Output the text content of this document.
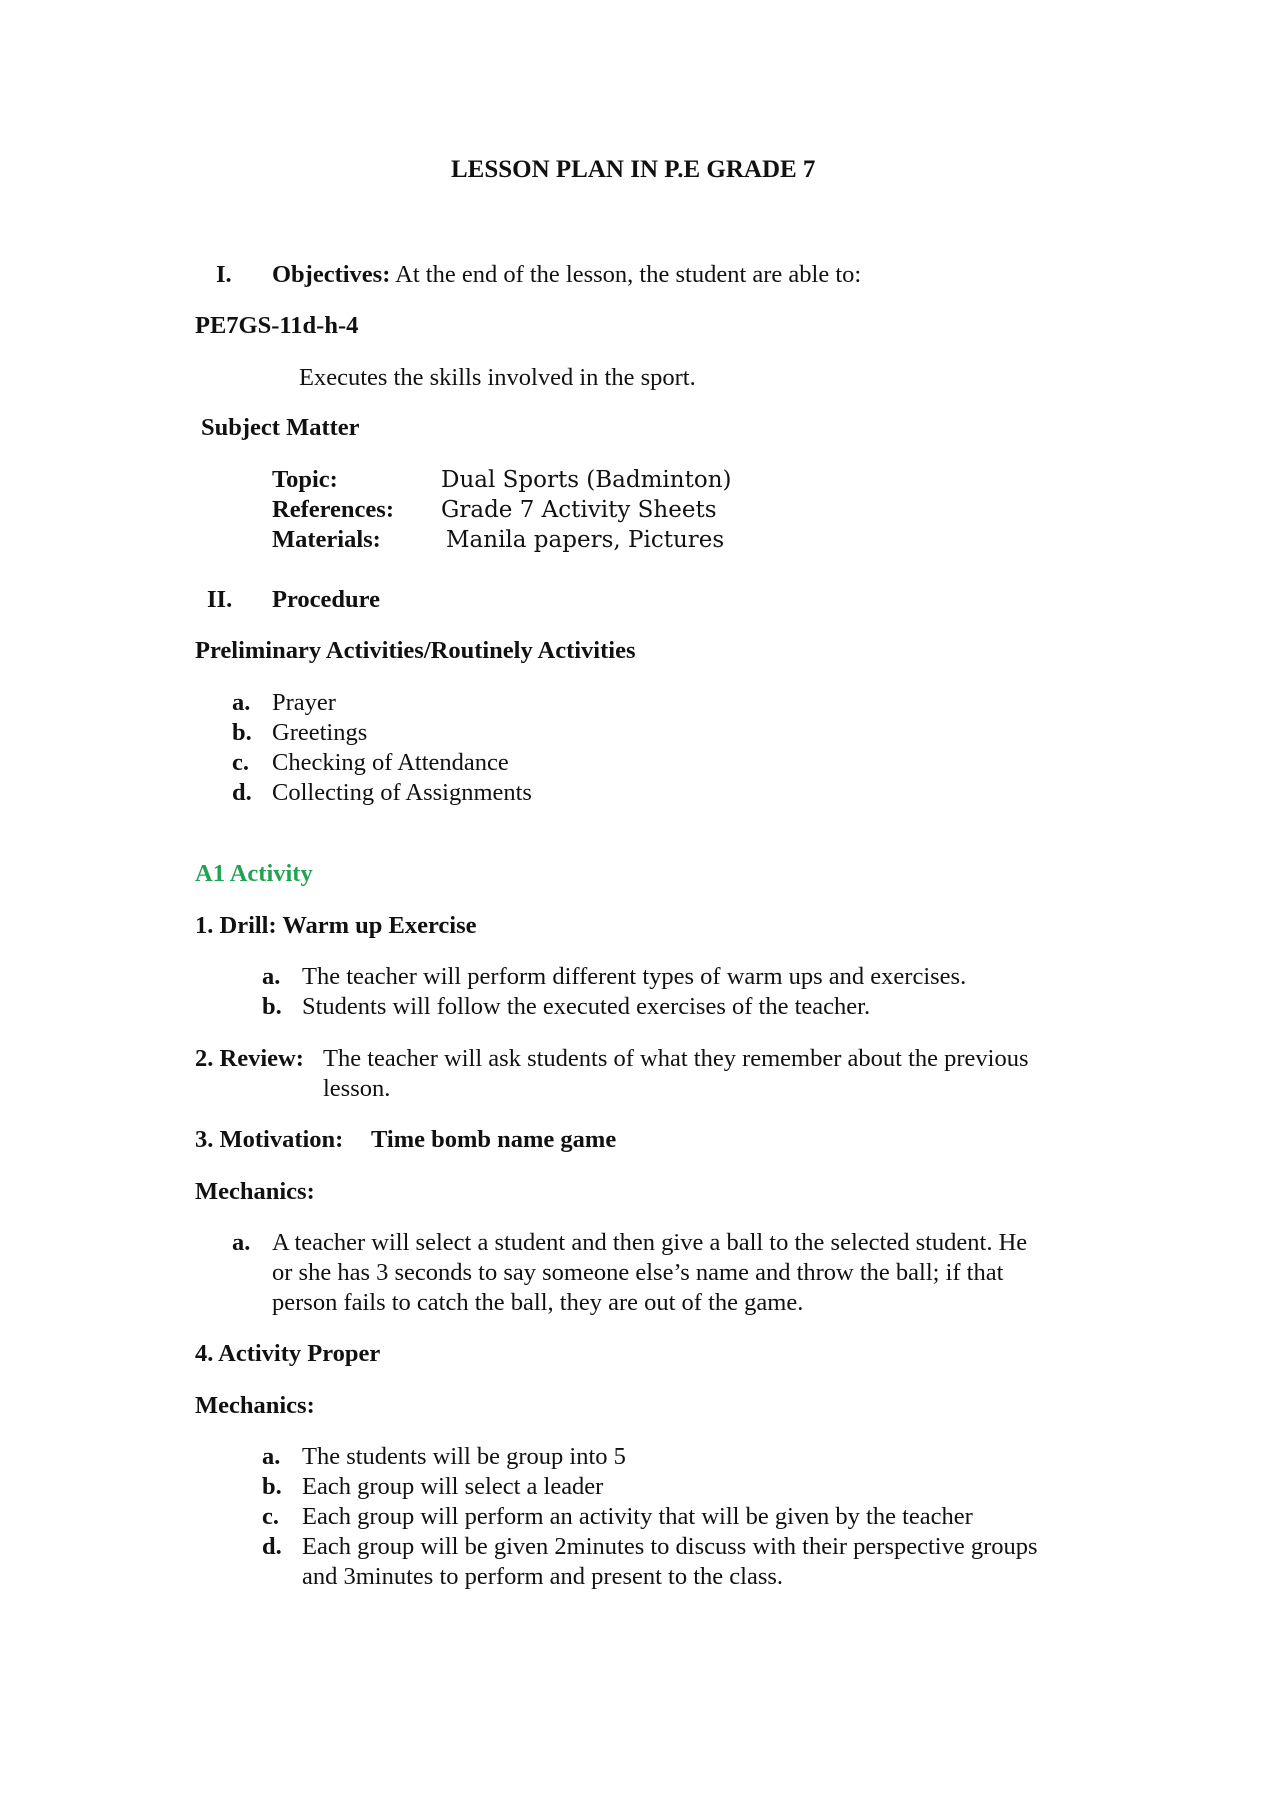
LESSON PLAN IN P.E GRADE 7
I. Objectives: At the end of the lesson, the student are able to:
PE7GS-11d-h-4
Executes the skills involved in the sport.
Subject Matter
Topic:	Dual Sports (Badminton)
References: Grade 7 Activity Sheets
Materials:	Manila papers, Pictures
II. Procedure
Preliminary Activities/Routinely Activities
a. Prayer
b. Greetings
c. Checking of Attendance
d. Collecting of Assignments
A1 Activity
1. Drill: Warm up Exercise
a. The teacher will perform different types of warm ups and exercises.
b. Students will follow the executed exercises of the teacher.
2. Review: The teacher will ask students of what they remember about the previous
lesson.
3. Motivation: Time bomb name game
Mechanics:
a. A teacher will select a student and then give a ball to the selected student. He
or she has 3 seconds to say someone else’s name and throw the ball; if that
person fails to catch the ball, they are out of the game.
4. Activity Proper
Mechanics:
a. The students will be group into 5
b. Each group will select a leader
c. Each group will perform an activity that will be given by the teacher
d. Each group will be given 2minutes to discuss with their perspective groups
and 3minutes to perform and present to the class.
